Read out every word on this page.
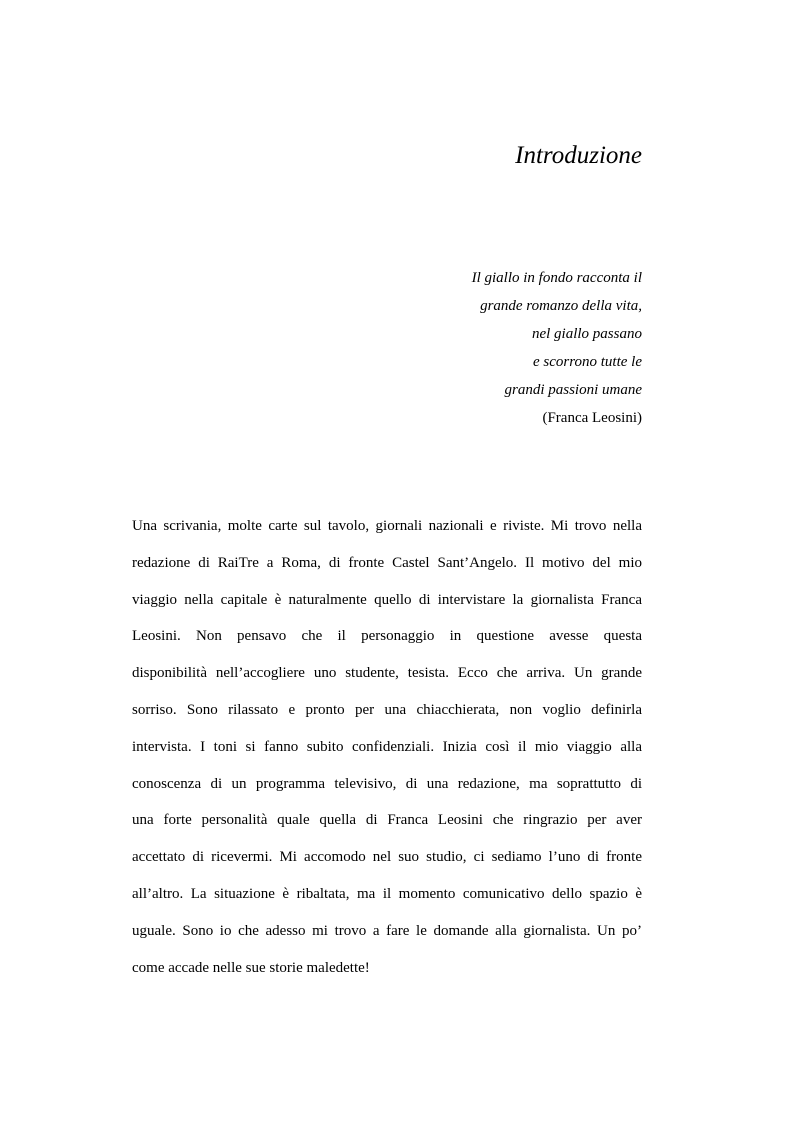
Introduzione
Il giallo in fondo racconta il
grande romanzo della vita,
nel giallo passano
e scorrono tutte le
grandi passioni umane
(Franca Leosini)
Una scrivania, molte carte sul tavolo, giornali nazionali e riviste. Mi trovo nella
redazione di RaiTre a Roma, di fronte Castel Sant’Angelo. Il motivo del mio
viaggio nella capitale è naturalmente quello di intervistare la giornalista Franca
Leosini. Non pensavo che il personaggio in questione avesse questa
disponibilità nell’accogliere uno studente, tesista. Ecco che arriva. Un grande
sorriso. Sono rilassato e pronto per una chiacchierata, non voglio definirla
intervista. I toni si fanno subito confidenziali. Inizia così il mio viaggio alla
conoscenza di un programma televisivo, di una redazione, ma soprattutto di
una forte personalità quale quella di Franca Leosini che ringrazio per aver
accettato di ricevermi. Mi accomodo nel suo studio, ci sediamo l’uno di fronte
all’altro. La situazione è ribaltata, ma il momento comunicativo dello spazio è
uguale. Sono io che adesso mi trovo a fare le domande alla giornalista. Un po’
come accade nelle sue storie maledette!
